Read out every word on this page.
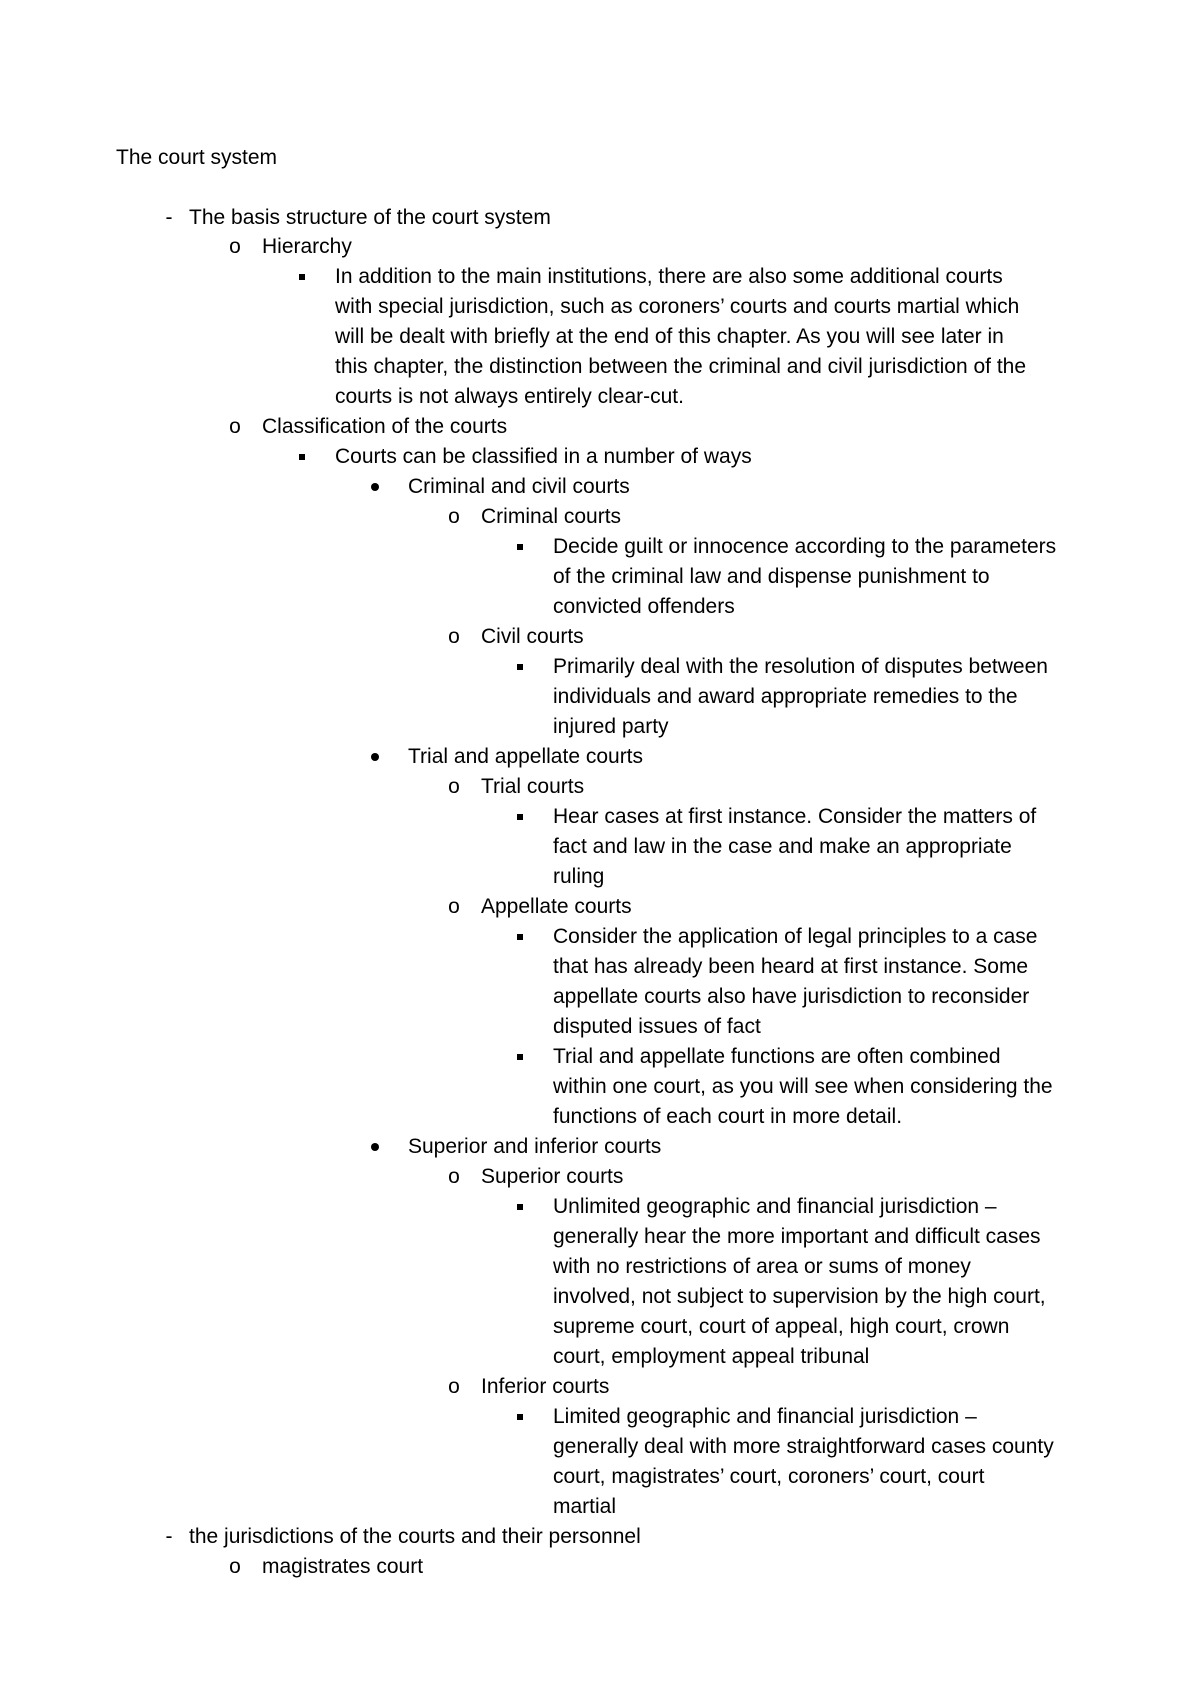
The court system
- The basis structure of the court system
o Hierarchy
In addition to the main institutions, there are also some additional courts
with special jurisdiction, such as coroners’ courts and courts martial which
will be dealt with briefly at the end of this chapter. As you will see later in
this chapter, the distinction between the criminal and civil jurisdiction of the
courts is not always entirely clear-cut.
o Classification of the courts
Courts can be classified in a number of ways
Criminal and civil courts
o Criminal courts
Decide guilt or innocence according to the parameters
of the criminal law and dispense punishment to
convicted offenders
o Civil courts
Primarily deal with the resolution of disputes between
individuals and award appropriate remedies to the
injured party
Trial and appellate courts
o Trial courts
Hear cases at first instance. Consider the matters of
fact and law in the case and make an appropriate
ruling
o Appellate courts
Consider the application of legal principles to a case
that has already been heard at first instance. Some
appellate courts also have jurisdiction to reconsider
disputed issues of fact
Trial and appellate functions are often combined
within one court, as you will see when considering the
functions of each court in more detail.
Superior and inferior courts
o Superior courts
Unlimited geographic and financial jurisdiction –
generally hear the more important and difficult cases
with no restrictions of area or sums of money
involved, not subject to supervision by the high court,
supreme court, court of appeal, high court, crown
court, employment appeal tribunal
o Inferior courts
Limited geographic and financial jurisdiction –
generally deal with more straightforward cases county
court, magistrates’ court, coroners’ court, court
martial
- the jurisdictions of the courts and their personnel
o magistrates court
